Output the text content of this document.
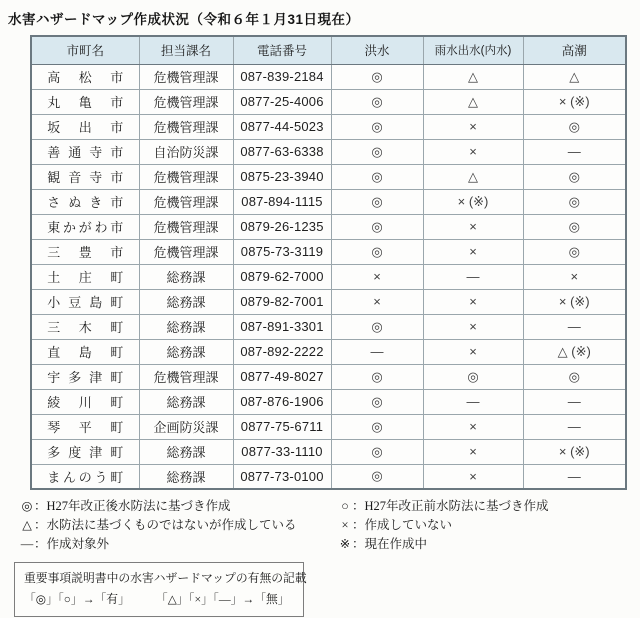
水害ハザードマップ作成状況（令和６年１月31日現在）
市町名	担当課名	電話番号	洪水	雨水出水(内水)	高潮
高松市	危機管理課	087-839-2184	◎	△	△
丸亀市	危機管理課	0877-25-4006	◎	△	× (※)
坂出市	危機管理課	0877-44-5023	◎	×	◎
善通寺市	自治防災課	0877-63-6338	◎	×	―
観音寺市	危機管理課	0875-23-3940	◎	△	◎
さぬき市	危機管理課	087-894-1115	◎	× (※)	◎
東かがわ市	危機管理課	0879-26-1235	◎	×	◎
三豊市	危機管理課	0875-73-3119	◎	×	◎
土庄町	総務課	0879-62-7000	×	―	×
小豆島町	総務課	0879-82-7001	×	×	× (※)
三木町	総務課	087-891-3301	◎	×	―
直島町	総務課	087-892-2222	―	×	△ (※)
宇多津町	危機管理課	0877-49-8027	◎	◎	◎
綾川町	総務課	087-876-1906	◎	―	―
琴平町	企画防災課	0877-75-6711	◎	×	―
多度津町	総務課	0877-33-1110	◎	×	× (※)
まんのう町	総務課	0877-73-0100	◎	×	―
◎ ：H27年改正後水防法に基づき作成	○ ：H27年改正前水防法に基づき作成
△ ：水防法に基づくものではないが作成している	× ：作成していない
―：作成対象外	※ ：現在作成中
重要事項説明書中の水害ハザードマップの有無の記載
「◎」「○」→「有」 「△」「×」「―」→「無」
